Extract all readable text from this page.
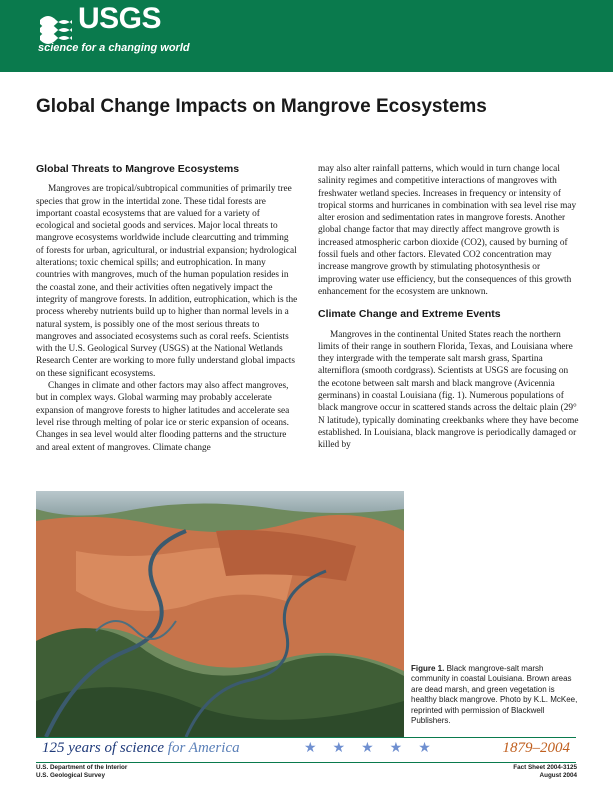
USGS
science for a changing world
Global Change Impacts on Mangrove Ecosystems
Global Threats to Mangrove Ecosystems

Mangroves are tropical/subtropical communities of primarily tree species that grow in the intertidal zone. These tidal forests are important coastal ecosystems that are valued for a variety of ecological and societal goods and services. Major local threats to mangrove ecosystems worldwide include clearcutting and trimming of forests for urban, agricultural, or industrial expansion; hydrological alterations; toxic chemical spills; and eutrophication. In many countries with mangroves, much of the human population resides in the coastal zone, and their activities often negatively impact the integrity of mangrove forests. In addition, eutrophication, which is the process whereby nutrients build up to higher than normal levels in a natural system, is possibly one of the most serious threats to mangroves and associated ecosystems such as coral reefs. Scientists with the U.S. Geological Survey (USGS) at the National Wetlands Research Center are working to more fully understand global impacts on these significant ecosystems.

Changes in climate and other factors may also affect mangroves, but in complex ways. Global warming may probably accelerate expansion of mangrove forests to higher latitudes and accelerate sea level rise through melting of polar ice or steric expansion of oceans. Changes in sea level would alter flooding patterns and the structure and areal extent of mangroves. Climate change

may also alter rainfall patterns, which would in turn change local salinity regimes and competitive interactions of mangroves with freshwater wetland species. Increases in frequency or intensity of tropical storms and hurricanes in combination with sea level rise may alter erosion and sedimentation rates in mangrove forests. Another global change factor that may directly affect mangrove growth is increased atmospheric carbon dioxide (CO2), caused by burning of fossil fuels and other factors. Elevated CO2 concentration may increase mangrove growth by stimulating photosynthesis or improving water use efficiency, but the consequences of this growth enhancement for the ecosystem are unknown.

Climate Change and Extreme Events

Mangroves in the continental United States reach the northern limits of their range in southern Florida, Texas, and Louisiana where they intergrade with the temperate salt marsh grass, Spartina alterniflora (smooth cordgrass). Scientists at USGS are focusing on the ecotone between salt marsh and black mangrove (Avicennia germinans) in coastal Louisiana (fig. 1). Numerous populations of black mangrove occur in scattered stands across the deltaic plain (29° N latitude), typically dominating creekbanks where they have become established. In Louisiana, black mangrove is periodically damaged or killed by

Figure 1. Black mangrove-salt marsh community in coastal Louisiana. Brown areas are dead marsh, and green vegetation is healthy black mangrove. Photo by K.L. McKee, reprinted with permission of Blackwell Publishers.
125 years of science for America	★★★★★	1879–2004
U.S. Department of the Interior
U.S. Geological Survey
Fact Sheet 2004-3125
August 2004
